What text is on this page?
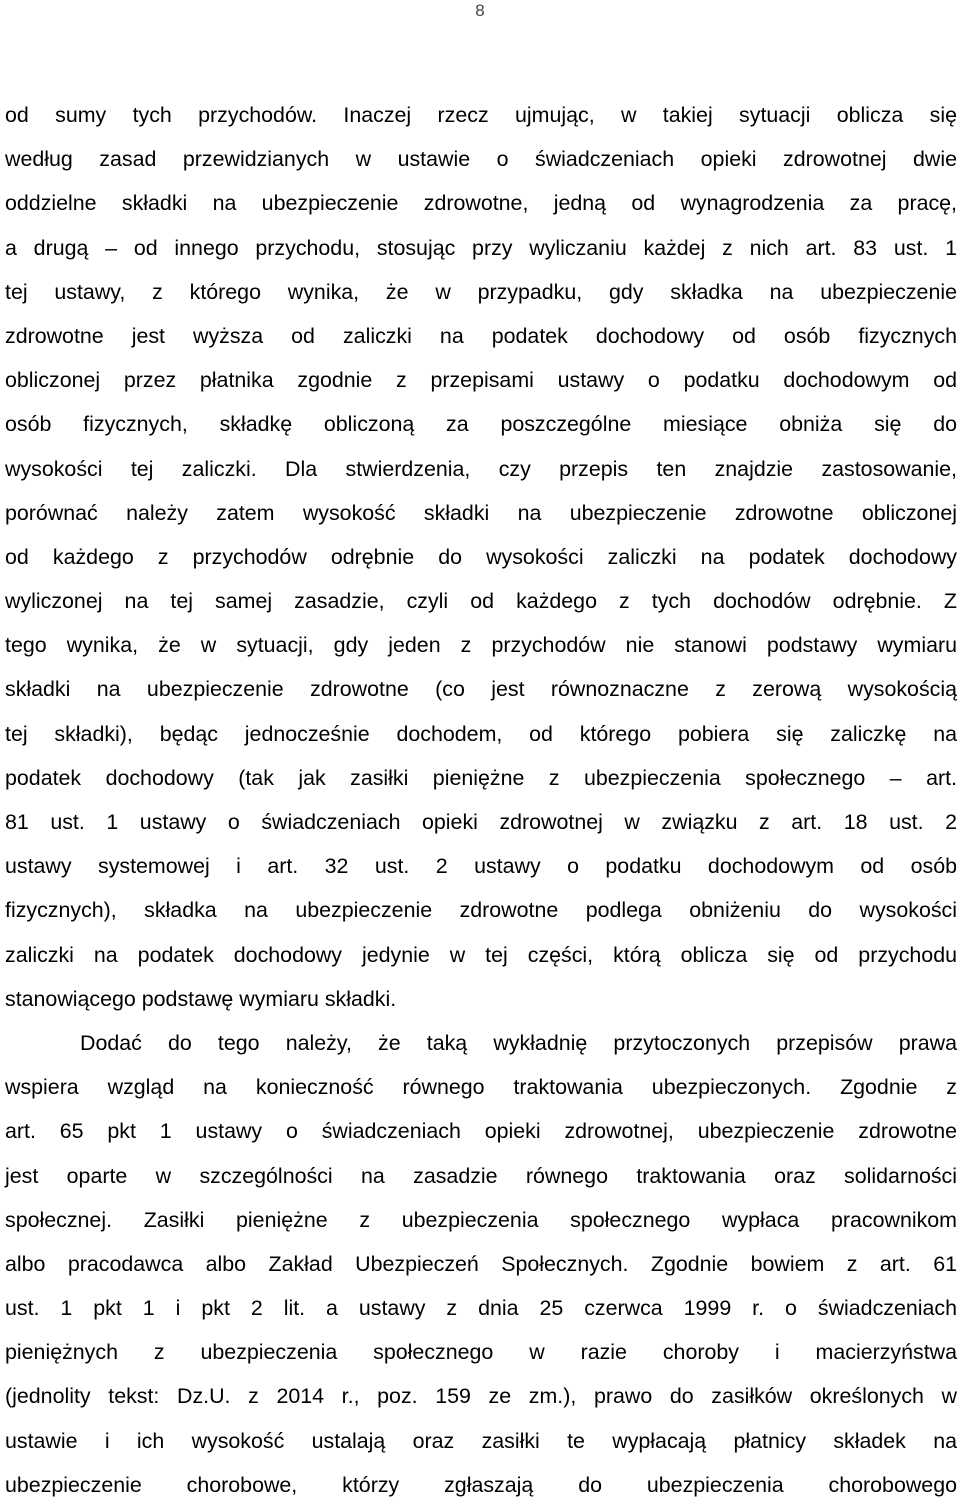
8
od sumy tych przychodów. Inaczej rzecz ujmując, w takiej sytuacji oblicza się
według zasad przewidzianych w ustawie o świadczeniach opieki zdrowotnej dwie
oddzielne składki na ubezpieczenie zdrowotne, jedną od wynagrodzenia za pracę,
a drugą – od innego przychodu, stosując przy wyliczaniu każdej z nich art. 83 ust. 1
tej ustawy, z którego wynika, że w przypadku, gdy składka na ubezpieczenie
zdrowotne jest wyższa od zaliczki na podatek dochodowy od osób fizycznych
obliczonej przez płatnika zgodnie z przepisami ustawy o podatku dochodowym od
osób fizycznych, składkę obliczoną za poszczególne miesiące obniża się do
wysokości tej zaliczki. Dla stwierdzenia, czy przepis ten znajdzie zastosowanie,
porównać należy zatem wysokość składki na ubezpieczenie zdrowotne obliczonej
od każdego z przychodów odrębnie do wysokości zaliczki na podatek dochodowy
wyliczonej na tej samej zasadzie, czyli od każdego z tych dochodów odrębnie. Z
tego wynika, że w sytuacji, gdy jeden z przychodów nie stanowi podstawy wymiaru
składki na ubezpieczenie zdrowotne (co jest równoznaczne z zerową wysokością
tej składki), będąc jednocześnie dochodem, od którego pobiera się zaliczkę na
podatek dochodowy (tak jak zasiłki pieniężne z ubezpieczenia społecznego – art.
81 ust. 1 ustawy o świadczeniach opieki zdrowotnej w związku z art. 18 ust. 2
ustawy systemowej i art. 32 ust. 2 ustawy o podatku dochodowym od osób
fizycznych), składka na ubezpieczenie zdrowotne podlega obniżeniu do wysokości
zaliczki na podatek dochodowy jedynie w tej części, którą oblicza się od przychodu
stanowiącego podstawę wymiaru składki.
Dodać do tego należy, że taką wykładnię przytoczonych przepisów prawa
wspiera wzgląd na konieczność równego traktowania ubezpieczonych. Zgodnie z
art. 65 pkt 1 ustawy o świadczeniach opieki zdrowotnej, ubezpieczenie zdrowotne
jest oparte w szczególności na zasadzie równego traktowania oraz solidarności
społecznej. Zasiłki pieniężne z ubezpieczenia społecznego wypłaca pracownikom
albo pracodawca albo Zakład Ubezpieczeń Społecznych. Zgodnie bowiem z art. 61
ust. 1 pkt 1 i pkt 2 lit. a ustawy z dnia 25 czerwca 1999 r. o świadczeniach
pieniężnych z ubezpieczenia społecznego w razie choroby i macierzyństwa
(jednolity tekst: Dz.U. z 2014 r., poz. 159 ze zm.), prawo do zasiłków określonych w
ustawie i ich wysokość ustalają oraz zasiłki te wypłacają płatnicy składek na
ubezpieczenie chorobowe, którzy zgłaszają do ubezpieczenia chorobowego
